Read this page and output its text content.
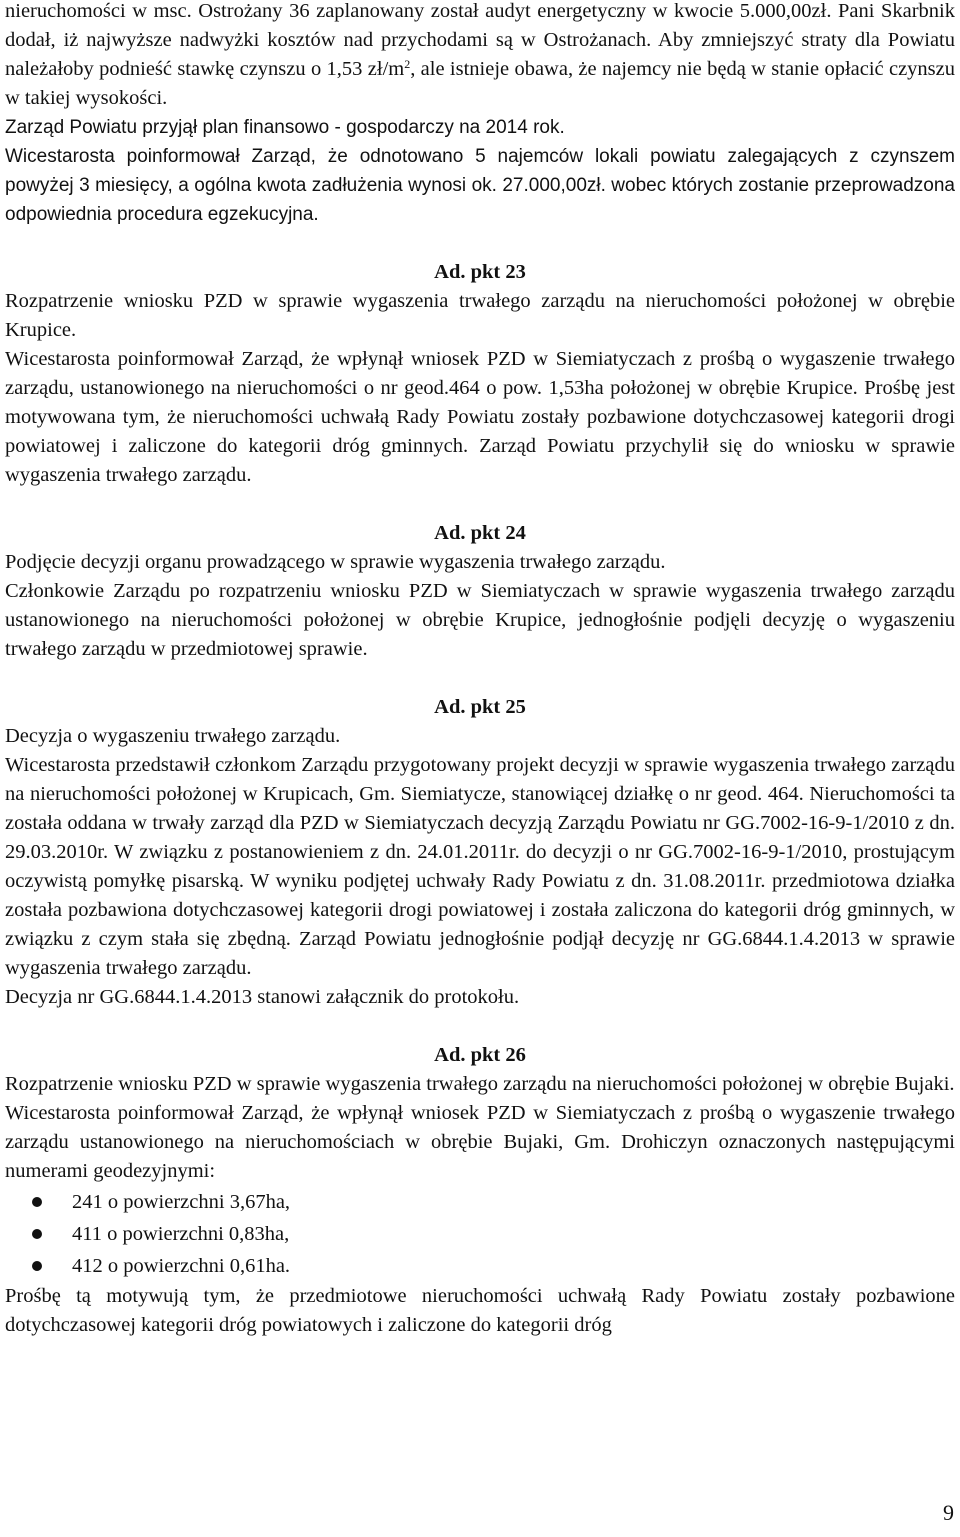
nieruchomości w msc. Ostrożany 36 zaplanowany został audyt energetyczny w kwocie 5.000,00zł. Pani Skarbnik dodał, iż najwyższe nadwyżki kosztów nad przychodami są w Ostrożanach. Aby zmniejszyć straty dla Powiatu należałoby podnieść stawkę czynszu o 1,53 $zł/m^2$, ale istnieje obawa, że najemcy nie będą w stanie opłacić czynszu w takiej wysokości.

Zarząd Powiatu przyjął plan finansowo - gospodarczy na 2014 rok.

Wicestarosta poinformował Zarząd, że odnotowano 5 najemców lokali powiatu zalegających z czynszem powyżej 3 miesięcy, a ogólna kwota zadłużenia wynosi ok. 27.000,00zł. wobec których zostanie przeprowadzona odpowiednia procedura egzekucyjna.

Ad. pkt 23

Rozpatrzenie wniosku PZD w sprawie wygaszenia trwałego zarządu na nieruchomości położonej w obrębie Krupice.

Wicestarosta poinformował Zarząd, że wpłynął wniosek PZD w Siemiatyczach z prośbą o wygaszenie trwałego zarządu, ustanowionego na nieruchomości o nr geod.464 o pow. 1,53ha położonej w obrębie Krupice. Prośbę jest motywowana tym, że nieruchomości uchwałą Rady Powiatu zostały pozbawione dotychczasowej kategorii drogi powiatowej i zaliczone do kategorii dróg gminnych. Zarząd Powiatu przychylił się do wniosku w sprawie wygaszenia trwałego zarządu.

Ad. pkt 24

Podjęcie decyzji organu prowadzącego w sprawie wygaszenia trwałego zarządu.

Członkowie Zarządu po rozpatrzeniu wniosku PZD w Siemiatyczach w sprawie wygaszenia trwałego zarządu ustanowionego na nieruchomości położonej w obrębie Krupice, jednogłośnie podjęli decyzję o wygaszeniu trwałego zarządu w przedmiotowej sprawie.

Ad. pkt 25

Decyzja o wygaszeniu trwałego zarządu.

Wicestarosta przedstawił członkom Zarządu przygotowany projekt decyzji w sprawie wygaszenia trwałego zarządu na nieruchomości położonej w Krupicach, Gm. Siemiatycze, stanowiącej działkę o nr geod. 464. Nieruchomości ta została oddana w trwały zarząd dla PZD w Siemiatyczach decyzją Zarządu Powiatu nr GG.7002-16-9-1/2010 z dn. 29.03.2010r. W związku z postanowieniem z dn. 24.01.2011r. do decyzji o nr GG.7002-16-9-1/2010, prostującym oczywistą pomyłkę pisarską. W wyniku podjętej uchwały Rady Powiatu z dn. 31.08.2011r. przedmiotowa działka została pozbawiona dotychczasowej kategorii drogi powiatowej i została zaliczona do kategorii dróg gminnych, w związku z czym stała się zbędną. Zarząd Powiatu jednogłośnie podjął decyzję nr GG.6844.1.4.2013 w sprawie wygaszenia trwałego zarządu.

Decyzja nr GG.6844.1.4.2013 stanowi załącznik do protokołu.

Ad. pkt 26

Rozpatrzenie wniosku PZD w sprawie wygaszenia trwałego zarządu na nieruchomości położonej w obrębie Bujaki.

Wicestarosta poinformował Zarząd, że wpłynął wniosek PZD w Siemiatyczach z prośbą o wygaszenie trwałego zarządu ustanowionego na nieruchomościach w obrębie Bujaki, Gm. Drohiczyn oznaczonych następującymi numerami geodezyjnymi:

241 o powierzchni 3,67ha,
411 o powierzchni 0,83ha,
412 o powierzchni 0,61ha.

Prośbę tą motywują tym, że przedmiotowe nieruchomości uchwałą Rady Powiatu zostały pozbawione dotychczasowej kategorii dróg powiatowych i zaliczone do kategorii dróg

9
